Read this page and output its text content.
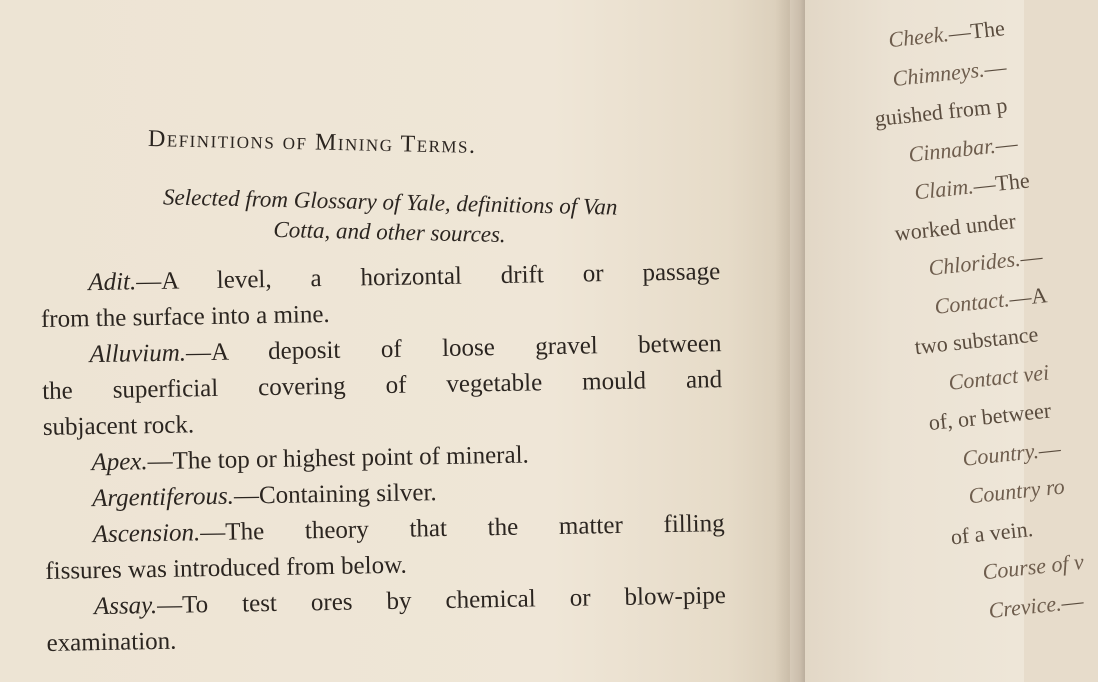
Definitions of Mining Terms.
Selected from Glossary of Yale, definitions of Van
Cotta, and other sources.
Adit.—A level, a horizontal drift or passage
from the surface into a mine.
Alluvium.—A deposit of loose gravel between
the superficial covering of vegetable mould and
subjacent rock.
Apex.—The top or highest point of mineral.
Argentiferous.—Containing silver.
Ascension.—The theory that the matter filling
fissures was introduced from below.
Assay.—To test ores by chemical or blow-pipe
examination.
Cheek.—The
Chimneys.—
guished from p
Cinnabar.—
Claim.—The
worked under
Chlorides.—
Contact.—A
two substance
Contact vei
of, or betweer
Country.—
Country ro
of a vein.
Course of v
Crevice.—
